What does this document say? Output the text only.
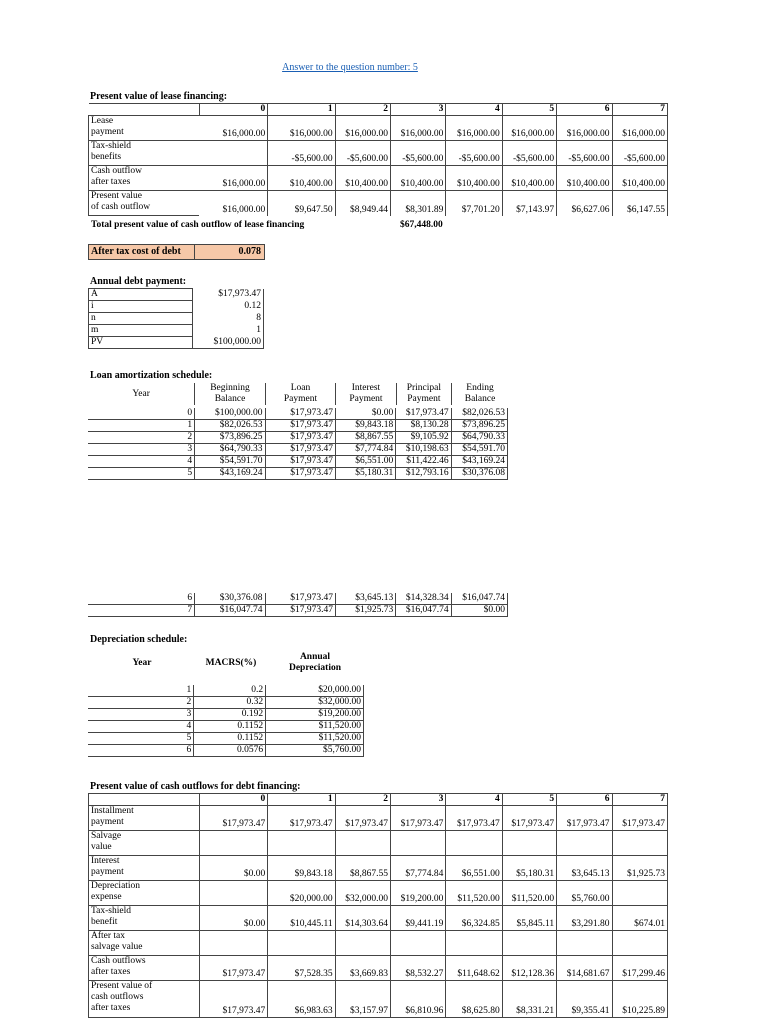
Answer to the question number: 5
Present value of lease financing:
	0	1	2	3	4	5	6	7

Lease
payment	$16,000.00	$16,000.00	$16,000.00	$16,000.00	$16,000.00	$16,000.00	$16,000.00	$16,000.00

Tax-shield
benefits		-$5,600.00	-$5,600.00	-$5,600.00	-$5,600.00	-$5,600.00	-$5,600.00	-$5,600.00

Cash outflow
after taxes	$16,000.00	$10,400.00	$10,400.00	$10,400.00	$10,400.00	$10,400.00	$10,400.00	$10,400.00

Present value
of cash outflow	$16,000.00	$9,647.50	$8,949.44	$8,301.89	$7,701.20	$7,143.97	$6,627.06	$6,147.55
Total present value of cash outflow of lease financing	$67,448.00
After tax cost of debt	0.078
Annual debt payment:
A	$17,973.47
i	0.12
n	8
m	1
PV	$100,000.00
Loan amortization schedule:
Year	Beginning	Loan	Interest	Principal	Ending
	Balance	Payment	Payment	Payment	Balance
0	$100,000.00	$17,973.47	$0.00	$17,973.47	$82,026.53
1	$82,026.53	$17,973.47	$9,843.18	$8,130.28	$73,896.25
2	$73,896.25	$17,973.47	$8,867.55	$9,105.92	$64,790.33
3	$64,790.33	$17,973.47	$7,774.84	$10,198.63	$54,591.70
4	$54,591.70	$17,973.47	$6,551.00	$11,422.46	$43,169.24
5	$43,169.24	$17,973.47	$5,180.31	$12,793.16	$30,376.08
6	$30,376.08	$17,973.47	$3,645.13	$14,328.34	$16,047.74
7	$16,047.74	$17,973.47	$1,925.73	$16,047.74	$0.00
Depreciation schedule:
Year	MACRS(%)	Annual
Depreciation
1	0.2	$20,000.00
2	0.32	$32,000.00
3	0.192	$19,200.00
4	0.1152	$11,520.00
5	0.1152	$11,520.00
6	0.0576	$5,760.00
Present value of cash outflows for debt financing:
	0	1	2	3	4	5	6	7

Installment
payment	$17,973.47	$17,973.47	$17,973.47	$17,973.47	$17,973.47	$17,973.47	$17,973.47	$17,973.47

Salvage
value								

Interest
payment	$0.00	$9,843.18	$8,867.55	$7,774.84	$6,551.00	$5,180.31	$3,645.13	$1,925.73

Depreciation
expense		$20,000.00	$32,000.00	$19,200.00	$11,520.00	$11,520.00	$5,760.00	

Tax-shield
benefit	$0.00	$10,445.11	$14,303.64	$9,441.19	$6,324.85	$5,845.11	$3,291.80	$674.01

After tax
salvage value								

Cash outflows
after taxes	$17,973.47	$7,528.35	$3,669.83	$8,532.27	$11,648.62	$12,128.36	$14,681.67	$17,299.46

Present value of
cash outflows
after taxes	$17,973.47	$6,983.63	$3,157.97	$6,810.96	$8,625.80	$8,331.21	$9,355.41	$10,225.89
